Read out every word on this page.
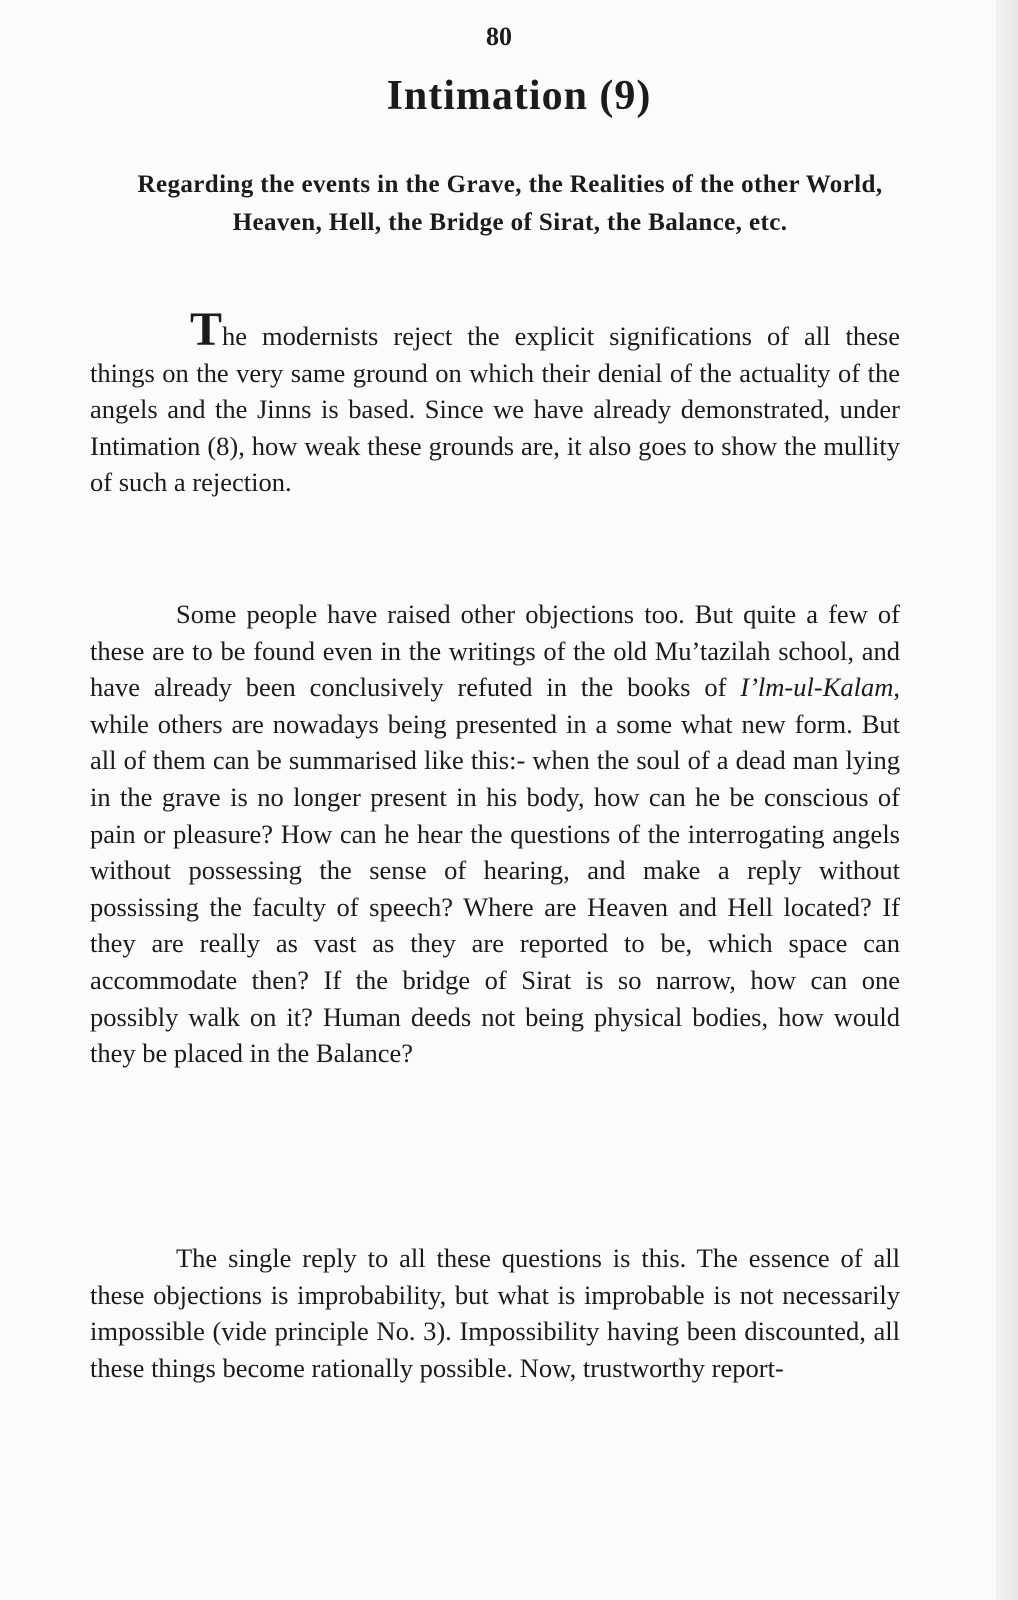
80
Intimation (9)
Regarding the events in the Grave, the Realities of the other World, Heaven, Hell, the Bridge of Sirat, the Balance, etc.

The modernists reject the explicit significations of all these things on the very same ground on which their denial of the actuality of the angels and the Jinns is based. Since we have already demonstrated, under Intimation (8), how weak these grounds are, it also goes to show the mullity of such a rejection.

Some people have raised other objections too. But quite a few of these are to be found even in the writings of the old Mu’tazilah school, and have already been conclusively refuted in the books of I’lm-ul-Kalam, while others are nowadays being presented in a some what new form. But all of them can be summarised like this:- when the soul of a dead man lying in the grave is no longer present in his body, how can he be conscious of pain or pleasure? How can he hear the questions of the interrogating angels without possessing the sense of hearing, and make a reply without possissing the faculty of speech? Where are Heaven and Hell located? If they are really as vast as they are reported to be, which space can accommodate then? If the bridge of Sirat is so narrow, how can one possibly walk on it? Human deeds not being physical bodies, how would they be placed in the Balance?

The single reply to all these questions is this. The essence of all these objections is improbability, but what is improbable is not necessarily impossible (vide principle No. 3). Impossibility having been discounted, all these things become rationally possible. Now, trustworthy report-
